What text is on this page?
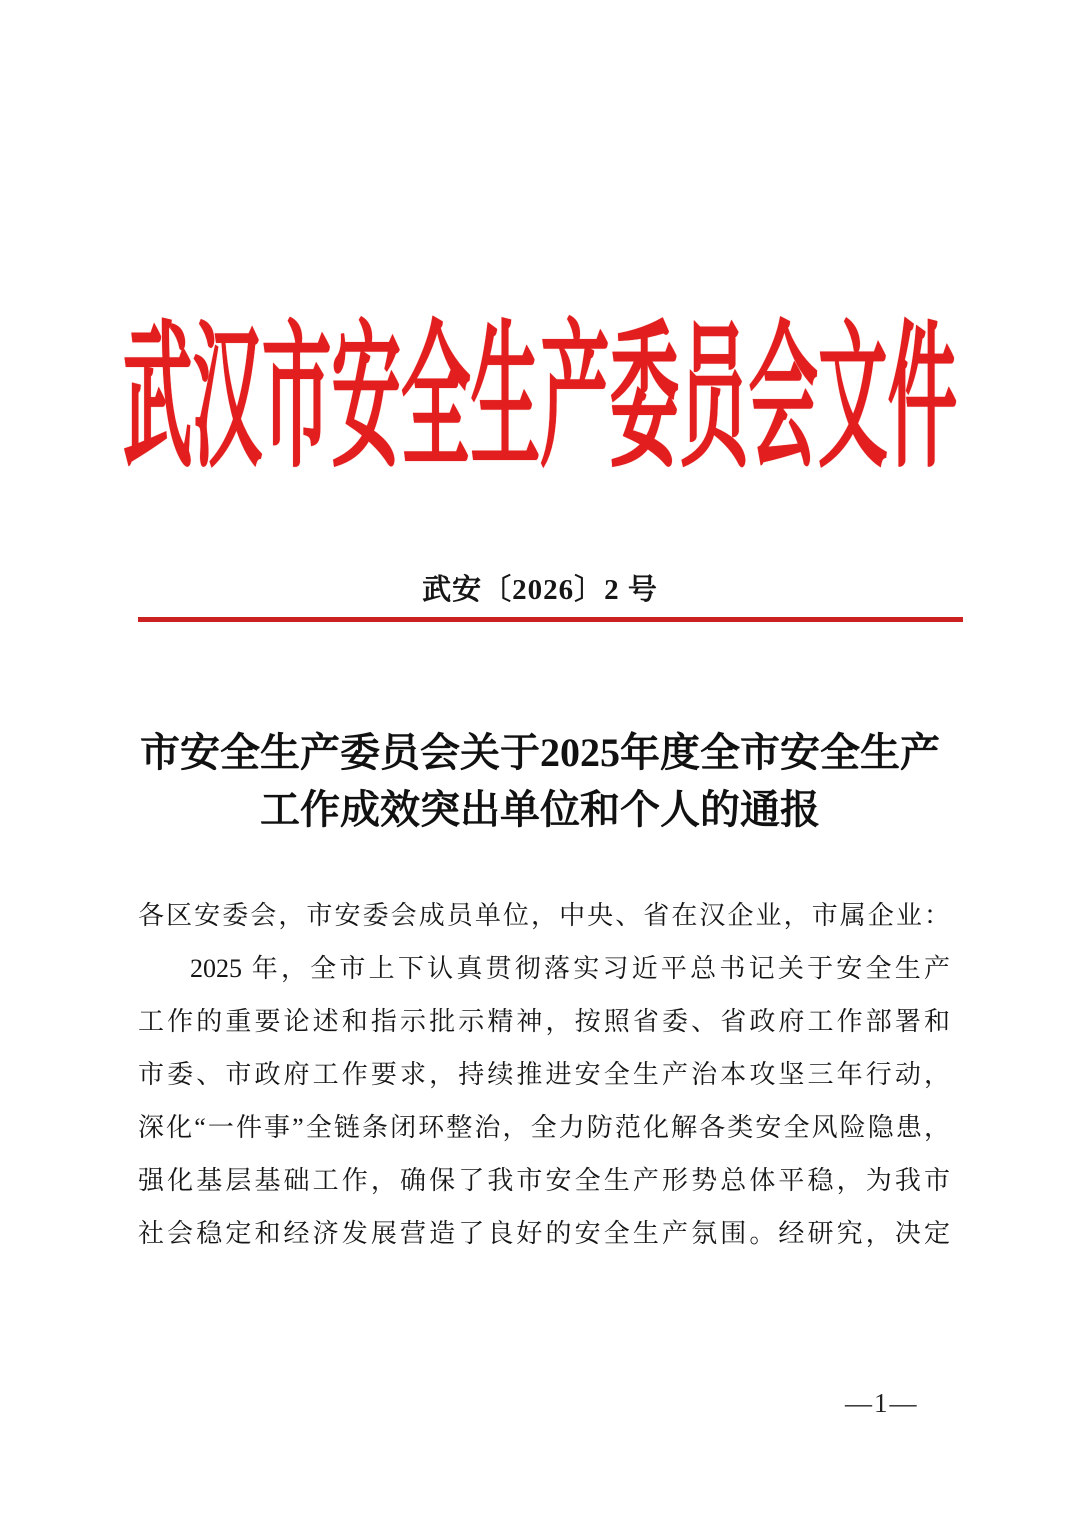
武汉市安全生产委员会文件
武安〔2026〕2 号
市安全生产委员会关于2025年度全市安全生产
工作成效突出单位和个人的通报
各区安委会，市安委会成员单位，中央、省在汉企业，市属企业：
2025 年，全市上下认真贯彻落实习近平总书记关于安全生产
工作的重要论述和指示批示精神，按照省委、省政府工作部署和
市委、市政府工作要求，持续推进安全生产治本攻坚三年行动，
深化“一件事”全链条闭环整治，全力防范化解各类安全风险隐患，
强化基层基础工作，确保了我市安全生产形势总体平稳，为我市
社会稳定和经济发展营造了良好的安全生产氛围。经研究，决定
—1—
